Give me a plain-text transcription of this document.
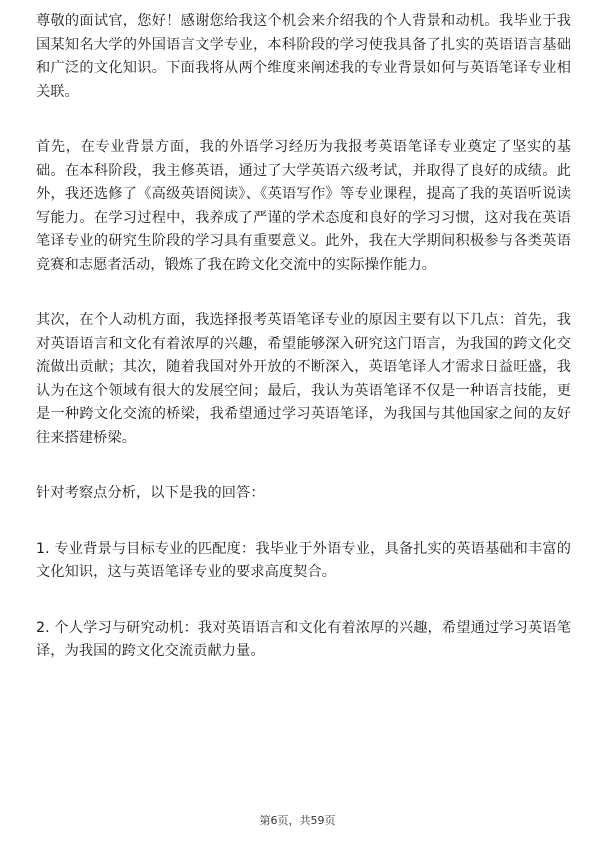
尊敬的面试官，您好！感谢您给我这个机会来介绍我的个人背景和动机。我毕业于我国某知名大学的外国语言文学专业，本科阶段的学习使我具备了扎实的英语语言基础和广泛的文化知识。下面我将从两个维度来阐述我的专业背景如何与英语笔译专业相关联。

首先，在专业背景方面，我的外语学习经历为我报考英语笔译专业奠定了坚实的基础。在本科阶段，我主修英语，通过了大学英语六级考试，并取得了良好的成绩。此外，我还选修了《高级英语阅读》、《英语写作》等专业课程，提高了我的英语听说读写能力。在学习过程中，我养成了严谨的学术态度和良好的学习习惯，这对我在英语笔译专业的研究生阶段的学习具有重要意义。此外，我在大学期间积极参与各类英语竞赛和志愿者活动，锻炼了我在跨文化交流中的实际操作能力。

其次，在个人动机方面，我选择报考英语笔译专业的原因主要有以下几点：首先，我对英语语言和文化有着浓厚的兴趣，希望能够深入研究这门语言，为我国的跨文化交流做出贡献；其次，随着我国对外开放的不断深入，英语笔译人才需求日益旺盛，我认为在这个领域有很大的发展空间；最后，我认为英语笔译不仅是一种语言技能，更是一种跨文化交流的桥梁，我希望通过学习英语笔译，为我国与其他国家之间的友好往来搭建桥梁。

针对考察点分析，以下是我的回答：

1. 专业背景与目标专业的匹配度：我毕业于外语专业，具备扎实的英语基础和丰富的文化知识，这与英语笔译专业的要求高度契合。

2. 个人学习与研究动机：我对英语语言和文化有着浓厚的兴趣，希望通过学习英语笔译，为我国的跨文化交流贡献力量。

第6页，共59页
